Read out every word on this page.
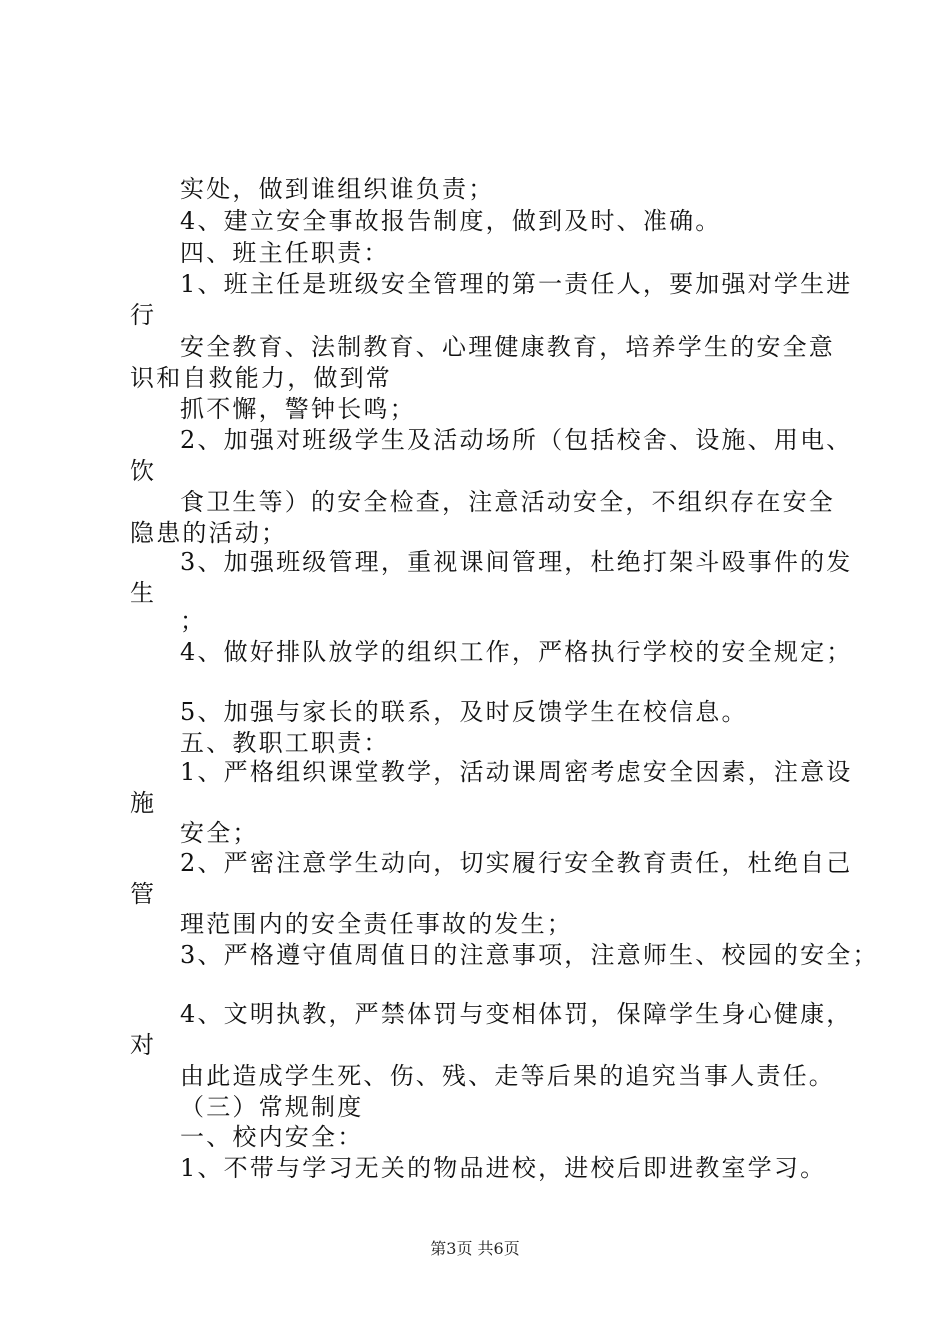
实处，做到谁组织谁负责；
4、建立安全事故报告制度，做到及时、准确。
四、班主任职责：
1、班主任是班级安全管理的第一责任人，要加强对学生进
行
安全教育、法制教育、心理健康教育，培养学生的安全意
识和自救能力，做到常
抓不懈，警钟长鸣；
2、加强对班级学生及活动场所（包括校舍、设施、用电、
饮
食卫生等）的安全检查，注意活动安全，不组织存在安全
隐患的活动；
3、加强班级管理，重视课间管理，杜绝打架斗殴事件的发
生
；
4、做好排队放学的组织工作，严格执行学校的安全规定；
5、加强与家长的联系，及时反馈学生在校信息。
五、教职工职责：
1、严格组织课堂教学，活动课周密考虑安全因素，注意设
施
安全；
2、严密注意学生动向，切实履行安全教育责任，杜绝自己
管
理范围内的安全责任事故的发生；
3、严格遵守值周值日的注意事项，注意师生、校园的安全；
4、文明执教，严禁体罚与变相体罚，保障学生身心健康，
对
由此造成学生死、伤、残、走等后果的追究当事人责任。
（三）常规制度
一、校内安全：
1、不带与学习无关的物品进校，进校后即进教室学习。
第3页 共6页
